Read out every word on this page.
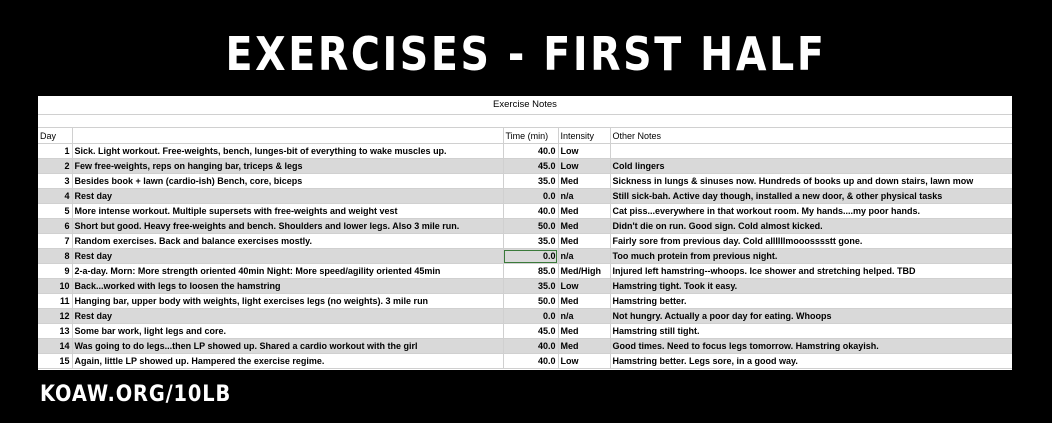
EXERCISES - FIRST HALF
Exercise Notes
Day		Time (min)	Intensity	Other Notes
1	Sick. Light workout. Free-weights, bench, lunges-bit of everything to wake muscles up.	40.0	Low	
2	Few free-weights, reps on hanging bar, triceps & legs	45.0	Low	Cold lingers
3	Besides book + lawn (cardio-ish) Bench, core, biceps	35.0	Med	Sickness in lungs & sinuses now. Hundreds of books up and down stairs, lawn mow
4	Rest day	0.0	n/a	Still sick-bah. Active day though, installed a new door, & other physical tasks
5	More intense workout. Multiple supersets with free-weights and weight vest	40.0	Med	Cat piss...everywhere in that workout room. My hands....my poor hands.
6	Short but good. Heavy free-weights and bench. Shoulders and lower legs. Also 3 mile run.	50.0	Med	Didn't die on run. Good sign. Cold almost kicked.
7	Random exercises. Back and balance exercises mostly.	35.0	Med	Fairly sore from previous day. Cold allllllmooosssstt gone.
8	Rest day	0.0	n/a	Too much protein from previous night.
9	2-a-day. Morn: More strength oriented 40min Night: More speed/agility oriented 45min	85.0	Med/High	Injured left hamstring--whoops. Ice shower and stretching helped. TBD
10	Back...worked with legs to loosen the hamstring	35.0	Low	Hamstring tight. Took it easy.
11	Hanging bar, upper body with weights, light exercises legs (no weights). 3 mile run	50.0	Med	Hamstring better.
12	Rest day	0.0	n/a	Not hungry. Actually a poor day for eating. Whoops
13	Some bar work, light legs and core.	45.0	Med	Hamstring still tight.
14	Was going to do legs...then LP showed up. Shared a cardio workout with the girl	40.0	Med	Good times. Need to focus legs tomorrow. Hamstring okayish.
15	Again, little LP showed up. Hampered the exercise regime.	40.0	Low	Hamstring better. Legs sore, in a good way.
KOAW.ORG/10LB
